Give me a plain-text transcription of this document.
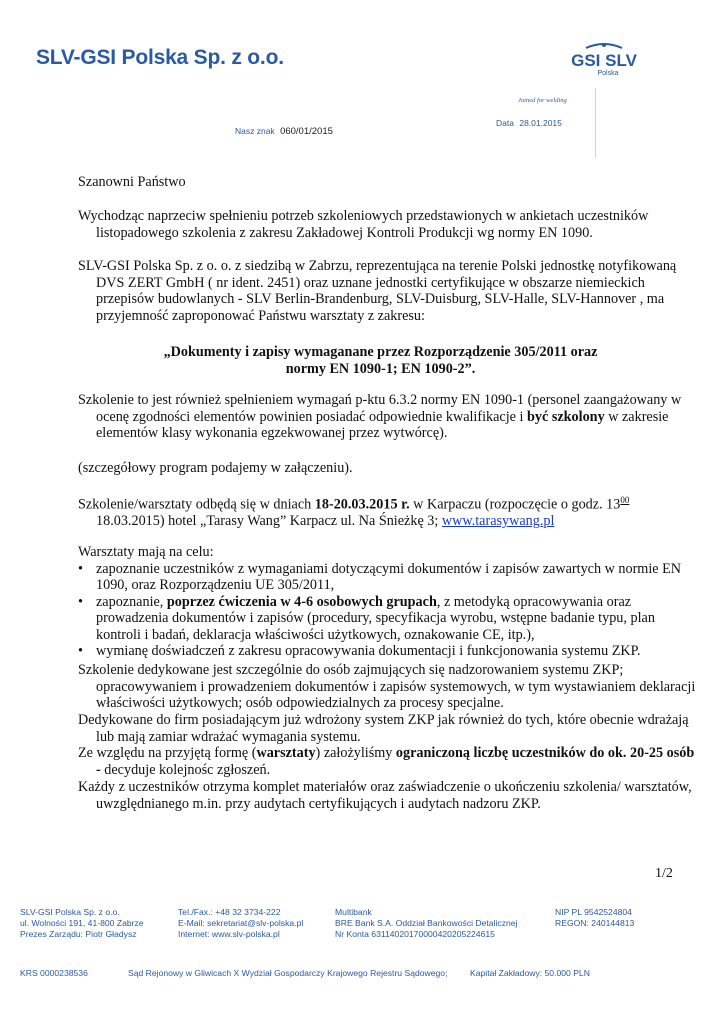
SLV-GSI Polska Sp. z o.o.	GSI SLV
Polska
Joined for welding
Data 28.01.2015
Nasz znak 060/01/2015
Szanowni Państwo
Wychodząc naprzeciw spełnieniu potrzeb szkoleniowych przedstawionych w ankietach uczestników listopadowego szkolenia z zakresu Zakładowej Kontroli Produkcji wg normy EN 1090.
SLV-GSI Polska Sp. z o. o. z siedzibą w Zabrzu, reprezentująca na terenie Polski jednostkę notyfikowaną DVS ZERT GmbH ( nr ident. 2451) oraz uznane jednostki certyfikujące w obszarze niemieckich przepisów budowlanych - SLV Berlin-Brandenburg, SLV-Duisburg, SLV-Halle, SLV-Hannover , ma przyjemność zaproponować Państwu warsztaty z zakresu:
„Dokumenty i zapisy wymaganane przez Rozporządzenie 305/2011 oraz
normy EN 1090-1; EN 1090-2”.
Szkolenie to jest również spełnieniem wymagań p-ktu 6.3.2 normy EN 1090-1 (personel zaangażowany w ocenę zgodności elementów powinien posiadać odpowiednie kwalifikacje i być szkolony w zakresie elementów klasy wykonania egzekwowanej przez wytwórcę).
(szczegółowy program podajemy w załączeniu).
Szkolenie/warsztaty odbędą się w dniach 18-20.03.2015 r. w Karpaczu (rozpoczęcie o godz. $13^{00}$ 18.03.2015) hotel „Tarasy Wang” Karpacz ul. Na Śnieżkę 3; www.tarasywang.pl
Warsztaty mają na celu:
• zapoznanie uczestników z wymaganiami dotyczącymi dokumentów i zapisów zawartych w normie EN 1090, oraz Rozporządzeniu UE 305/2011,
• zapoznanie, poprzez ćwiczenia w 4-6 osobowych grupach, z metodyką opracowywania oraz prowadzenia dokumentów i zapisów (procedury, specyfikacja wyrobu, wstępne badanie typu, plan kontroli i badań, deklaracja właściwości użytkowych, oznakowanie CE, itp.),
• wymianę doświadczeń z zakresu opracowywania dokumentacji i funkcjonowania systemu ZKP.
Szkolenie dedykowane jest szczególnie do osób zajmujących się nadzorowaniem systemu ZKP; opracowywaniem i prowadzeniem dokumentów i zapisów systemowych, w tym wystawianiem deklaracji właściwości użytkowych; osób odpowiedzialnych za procesy specjalne.
Dedykowane do firm posiadającym już wdrożony system ZKP jak również do tych, które obecnie wdrażają lub mają zamiar wdrażać wymagania systemu.
Ze względu na przyjętą formę (warsztaty) założyliśmy ograniczoną liczbę uczestników do ok. 20-25 osób - decyduje kolejnośc zgłoszeń.
Każdy z uczestników otrzyma komplet materiałów oraz zaświadczenie o ukończeniu szkolenia/ warsztatów, uwzględnianego m.in. przy audytach certyfikujących i audytach nadzoru ZKP.
1/2
SLV-GSI Polska Sp. z o.o.
ul. Wolności 191, 41-800 Zabrze
Prezes Zarządu: Piotr Gładysz
Tel./Fax.: +48 32 3734-222
E-Mail: sekretariat@slv-polska.pl
Internet: www.slv-polska.pl
Multibank
BRE Bank S.A. Oddział Bankowości Detalicznej
Nr Konta 63114020170000420205224615
NIP PL 9542524804
REGON: 240144813
KRS 0000238536	Sąd Rejonowy w Gliwicach X Wydział Gospodarczy Krajowego Rejestru Sądowego;	Kapitał Zakładowy: 50.000 PLN
